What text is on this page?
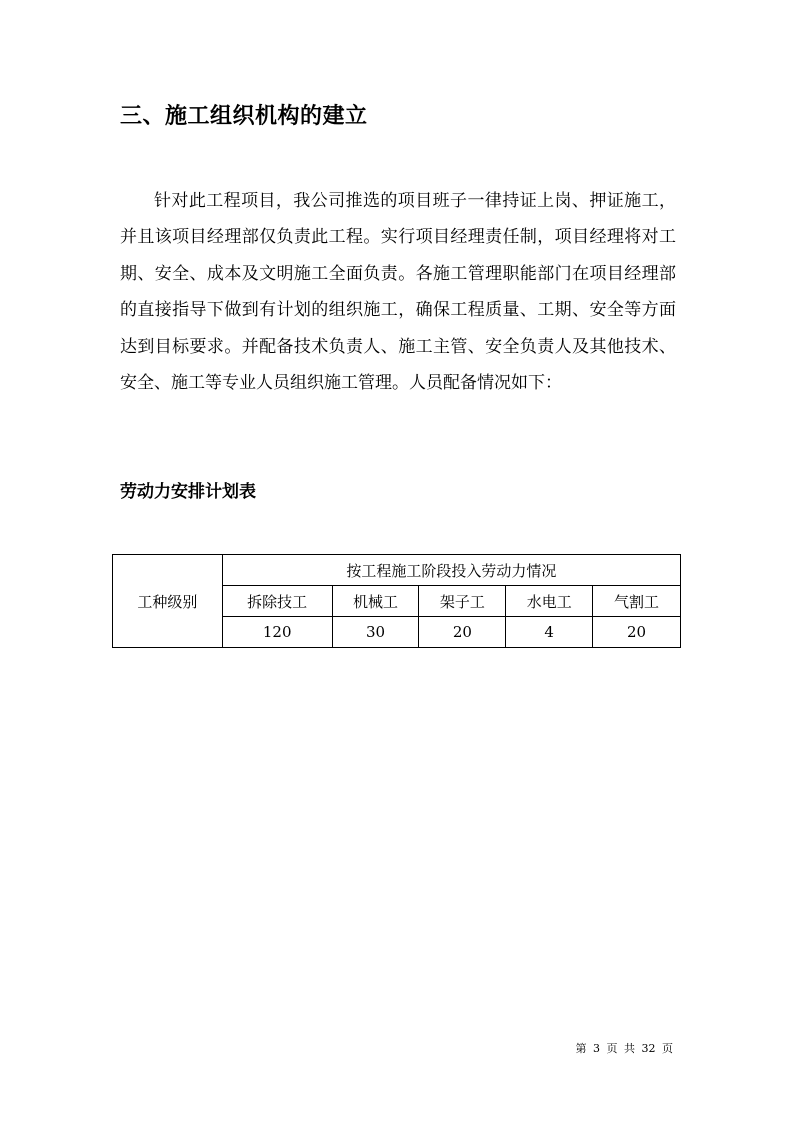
三、施工组织机构的建立

针对此工程项目，我公司推选的项目班子一律持证上岗、押证施工，并且该项目经理部仅负责此工程。实行项目经理责任制，项目经理将对工期、安全、成本及文明施工全面负责。各施工管理职能部门在项目经理部的直接指导下做到有计划的组织施工，确保工程质量、工期、安全等方面达到目标要求。并配备技术负责人、施工主管、安全负责人及其他技术、安全、施工等专业人员组织施工管理。人员配备情况如下：

劳动力安排计划表
工种级别	按工程施工阶段投入劳动力情况				
	拆除技工	机械工	架子工	水电工	气割工
	120	30	20	4	20
第 3 页 共 32 页
